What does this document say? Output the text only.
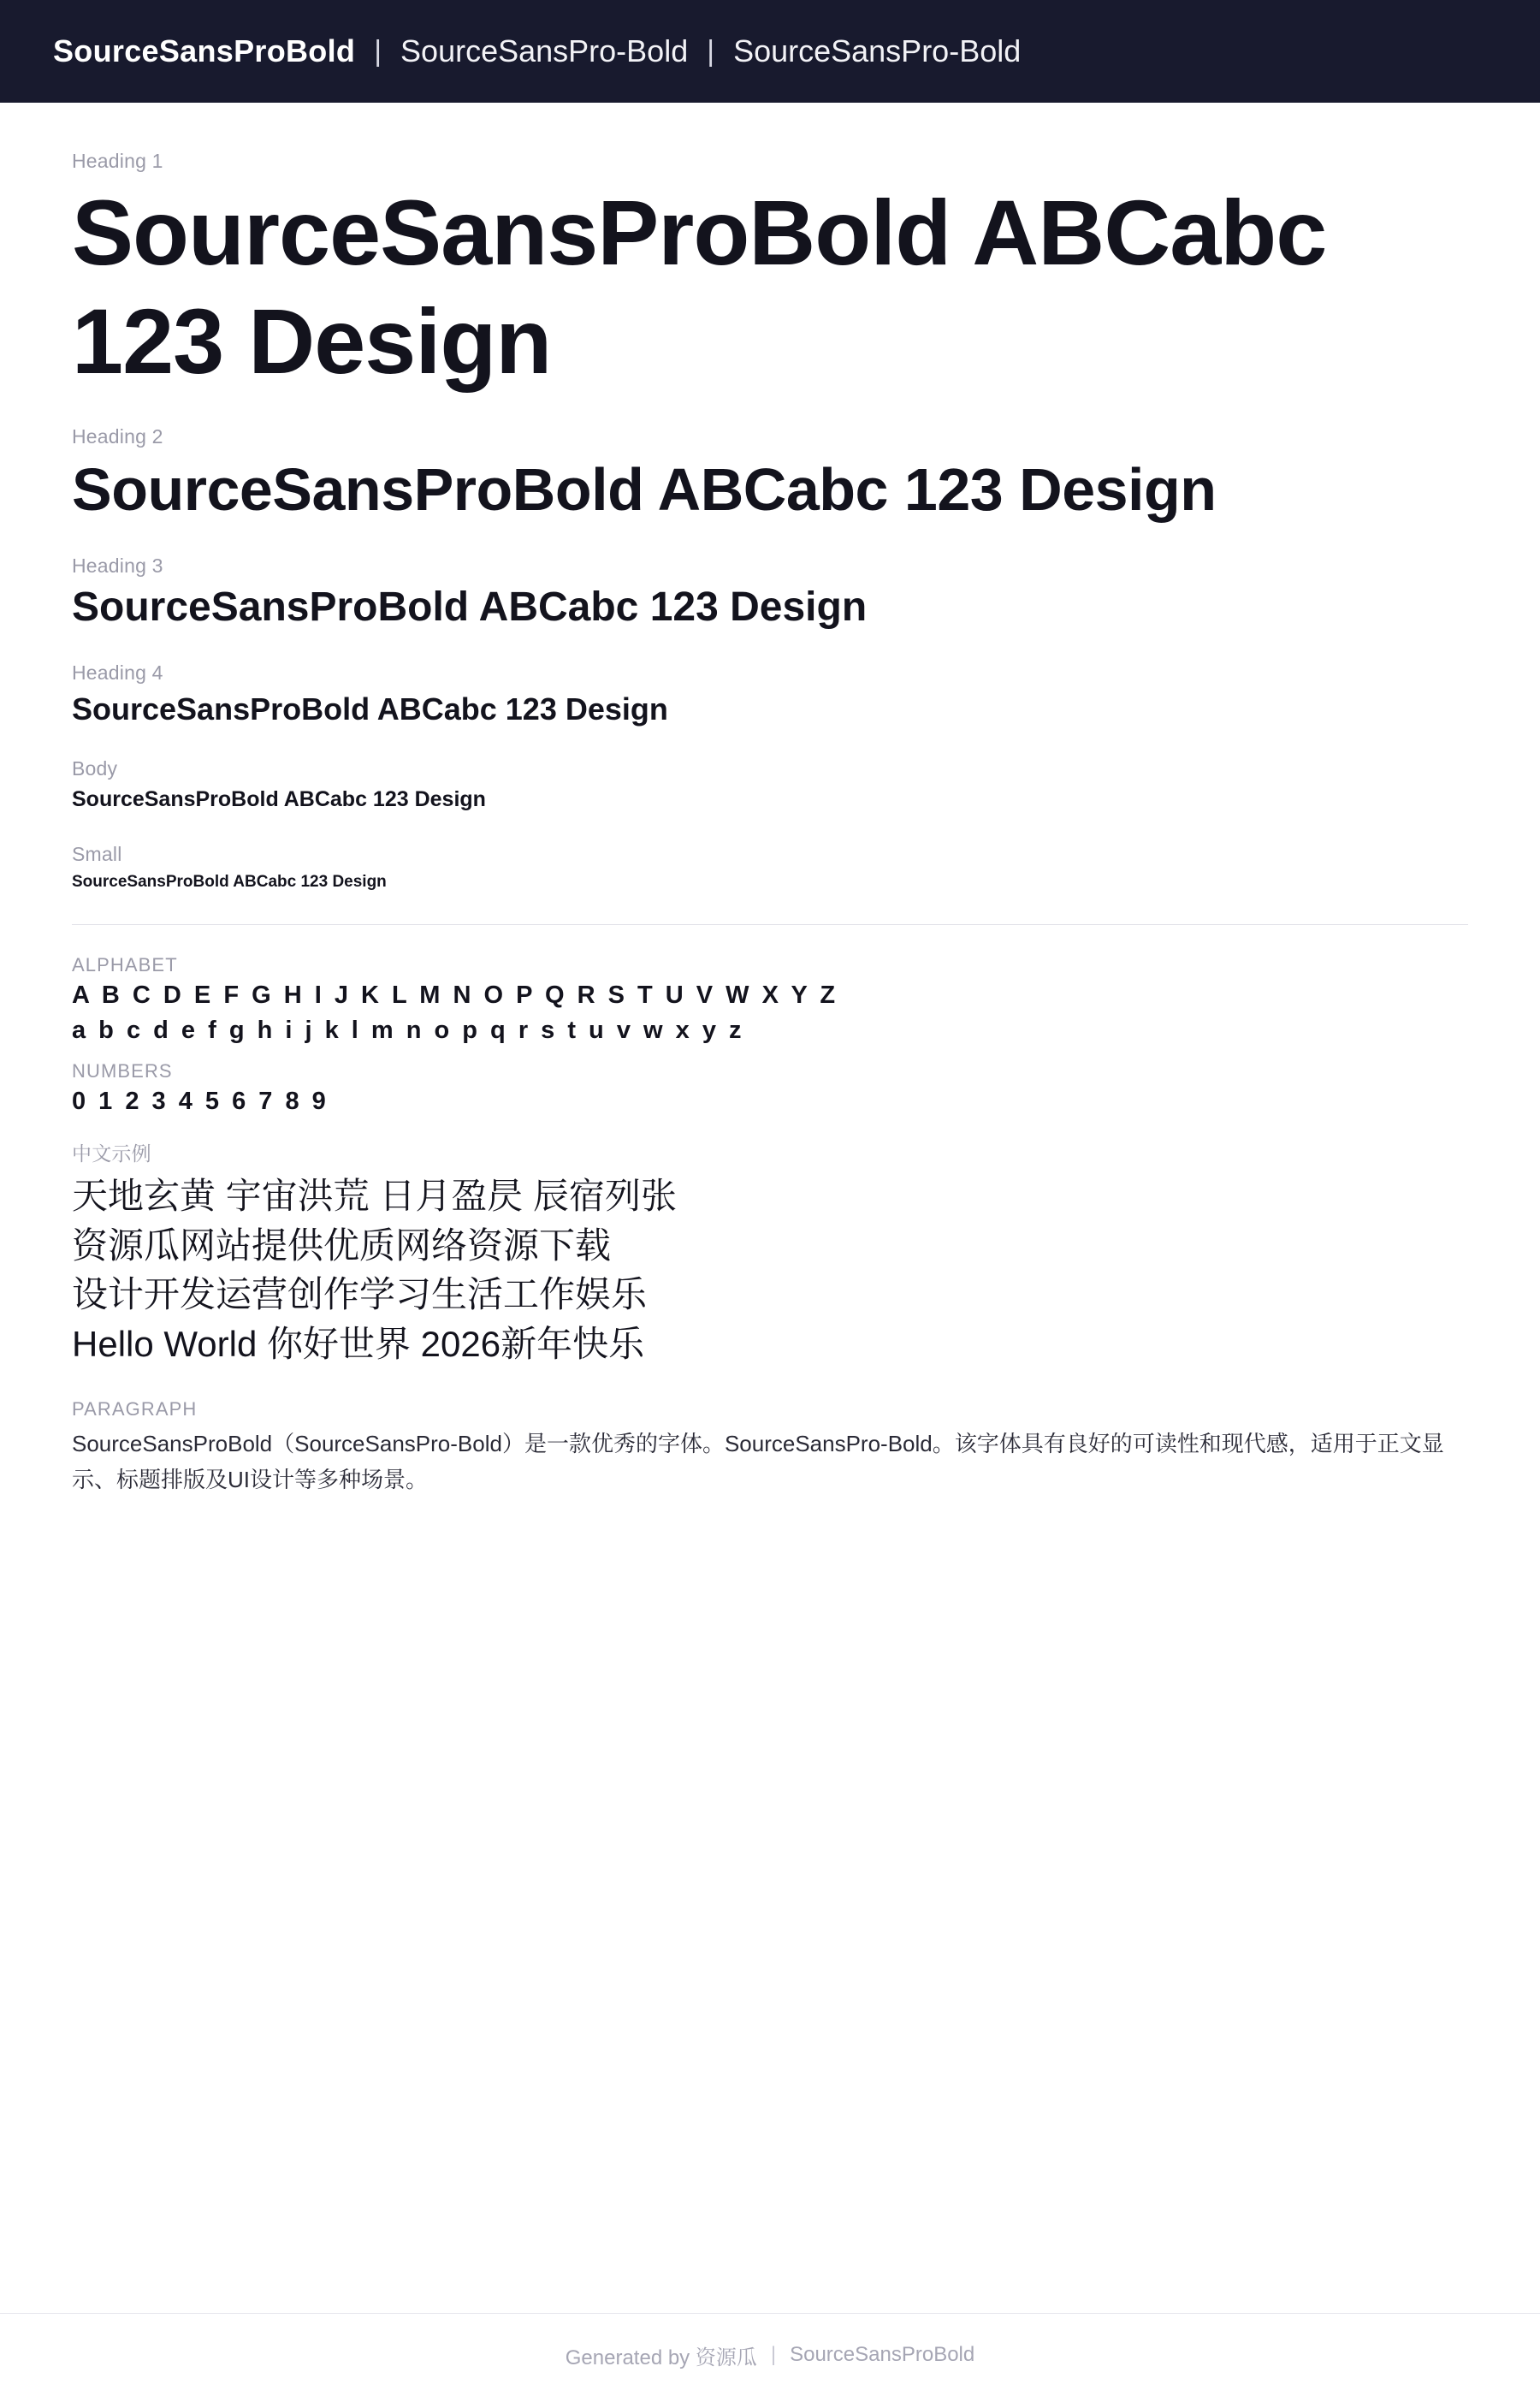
SourceSansProBold | SourceSansPro-Bold | SourceSansPro-Bold

Heading 1

SourceSansProBold ABCabc 123 Design

Heading 2

SourceSansProBold ABCabc 123 Design

Heading 3

SourceSansProBold ABCabc 123 Design

Heading 4

SourceSansProBold ABCabc 123 Design

Body

SourceSansProBold ABCabc 123 Design

Small

SourceSansProBold ABCabc 123 Design

ALPHABET

A B C D E F G H I J K L M N O P Q R S T U V W X Y Z

a b c d e f g h i j k l m n o p q r s t u v w x y z

NUMBERS

0 1 2 3 4 5 6 7 8 9

中文示例

天地玄黄 宇宙洪荒 日月盈昃 辰宿列张

资源瓜网站提供优质网络资源下载

设计开发运营创作学习生活工作娱乐

Hello World 你好世界 2026新年快乐

PARAGRAPH

SourceSansProBold（SourceSansPro-Bold）是一款优秀的字体。SourceSansPro-Bold。该字体具有良好的可读性和现代感，适用于正文显示、标题排版及UI设计等多种场景。

Generated by 资源瓜 | SourceSansProBold
